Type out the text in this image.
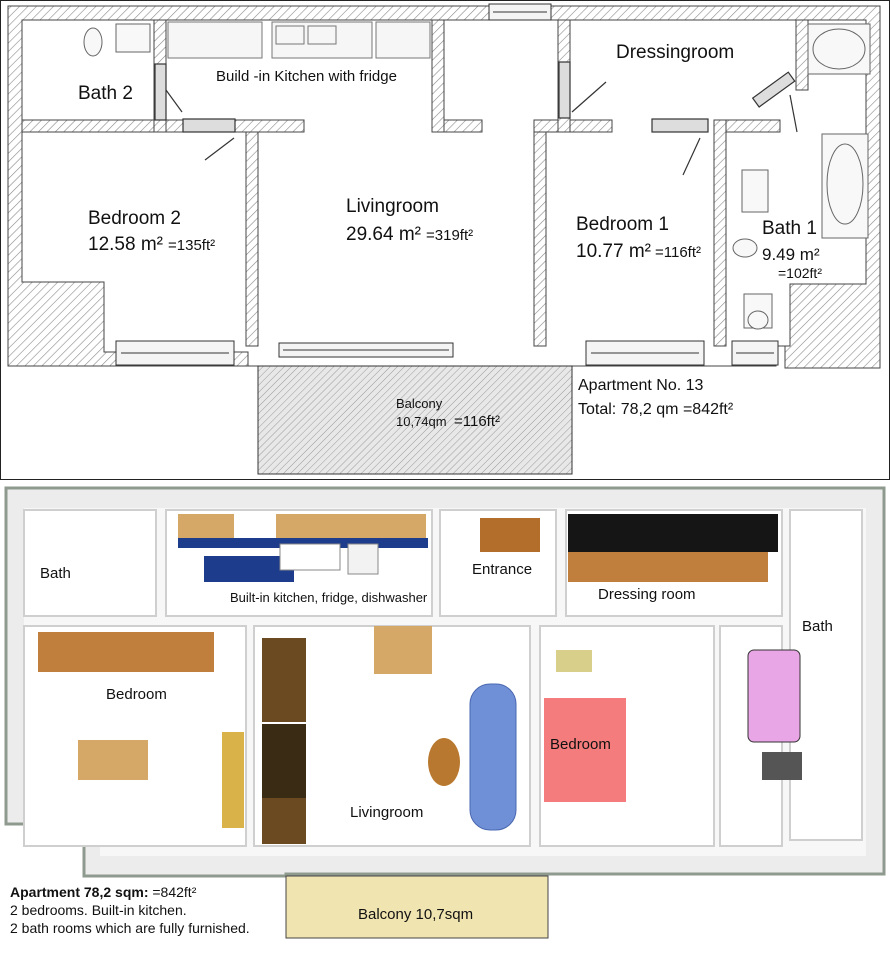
Bath 2
Build -in Kitchen with fridge
Dressingroom
Bedroom 2
12.58 m² =135ft²
Livingroom
29.64 m² =319ft²
Bedroom 1
10.77 m² =116ft²
Bath 1
9.49 m²
=102ft²
Balcony
10,74qm =116ft²
Apartment No. 13
Total: 78,2 qm =842ft²
Bath
Built-in kitchen, fridge, dishwasher
Entrance
Dressing room
Bath
Bedroom
Livingroom
Bedroom
Balcony 10,7sqm
Apartment 78,2 sqm: =842ft²
2 bedrooms. Built-in kitchen.
2 bath rooms which are fully furnished.
